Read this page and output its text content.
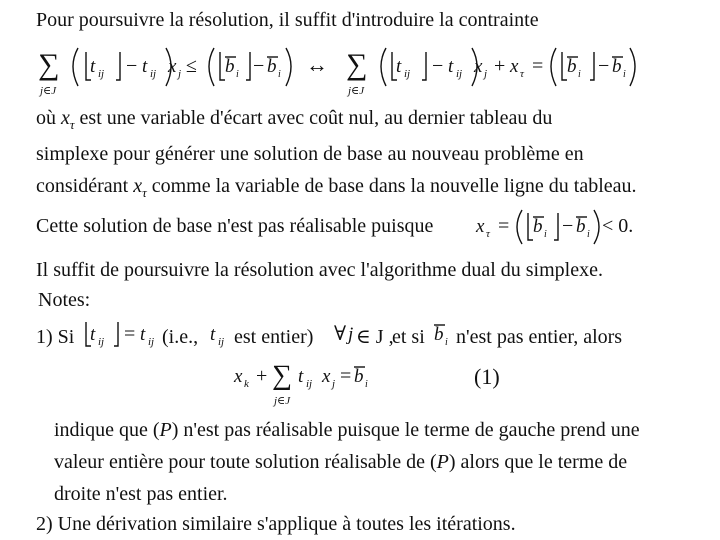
Pour poursuivre la résolution, il suffit d'introduire la contrainte
∑
j∈J
t ij − t ij x j ≤ b i − b i ↔ ∑
j∈J
t ij − t ij x j + x τ = b i − b i
où $x_\tau$ est une variable d'écart avec coût nul, au dernier tableau du
simplexe pour générer une solution de base au nouveau problème en
considérant $x_\tau$ comme la variable de base dans la nouvelle ligne du tableau.
Cette solution de base n'est pas réalisable puisque x τ = b i − b i < 0.
Il suffit de poursuivre la résolution avec l'algorithme dual du simplexe.
Notes:
1) Si t ij = t ij (i.e., t ij est entier) ∀ j ∈ J ,
et si b i n'est pas entier, alors
x k + ∑
j∈J
t ij x j = b i	(1)
indique que (P) n'est pas réalisable puisque le terme de gauche prend une
valeur entière pour toute solution réalisable de (P) alors que le terme de
droite n'est pas entier.
2) Une dérivation similaire s'applique à toutes les itérations.
